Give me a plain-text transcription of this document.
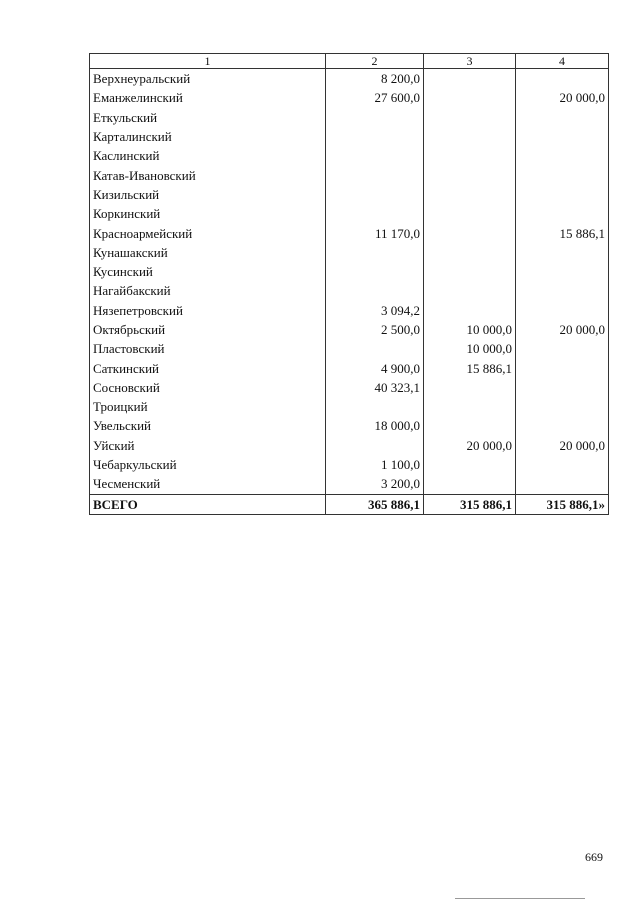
1	2	3	4
Верхнеуральский	8 200,0		
Еманжелинский	27 600,0		20 000,0
Еткульский			
Карталинский			
Каслинский			
Катав-Ивановский			
Кизильский			
Коркинский			
Красноармейский	11 170,0		15 886,1
Кунашакский			
Кусинский			
Нагайбакский			
Нязепетровский	3 094,2		
Октябрьский	2 500,0	10 000,0	20 000,0
Пластовский		10 000,0	
Саткинский	4 900,0	15 886,1	
Сосновский	40 323,1		
Троицкий			
Увельский	18 000,0		
Уйский		20 000,0	20 000,0
Чебаркульский	1 100,0		
Чесменский	3 200,0		
ВСЕГО	365 886,1	315 886,1	315 886,1»
669
